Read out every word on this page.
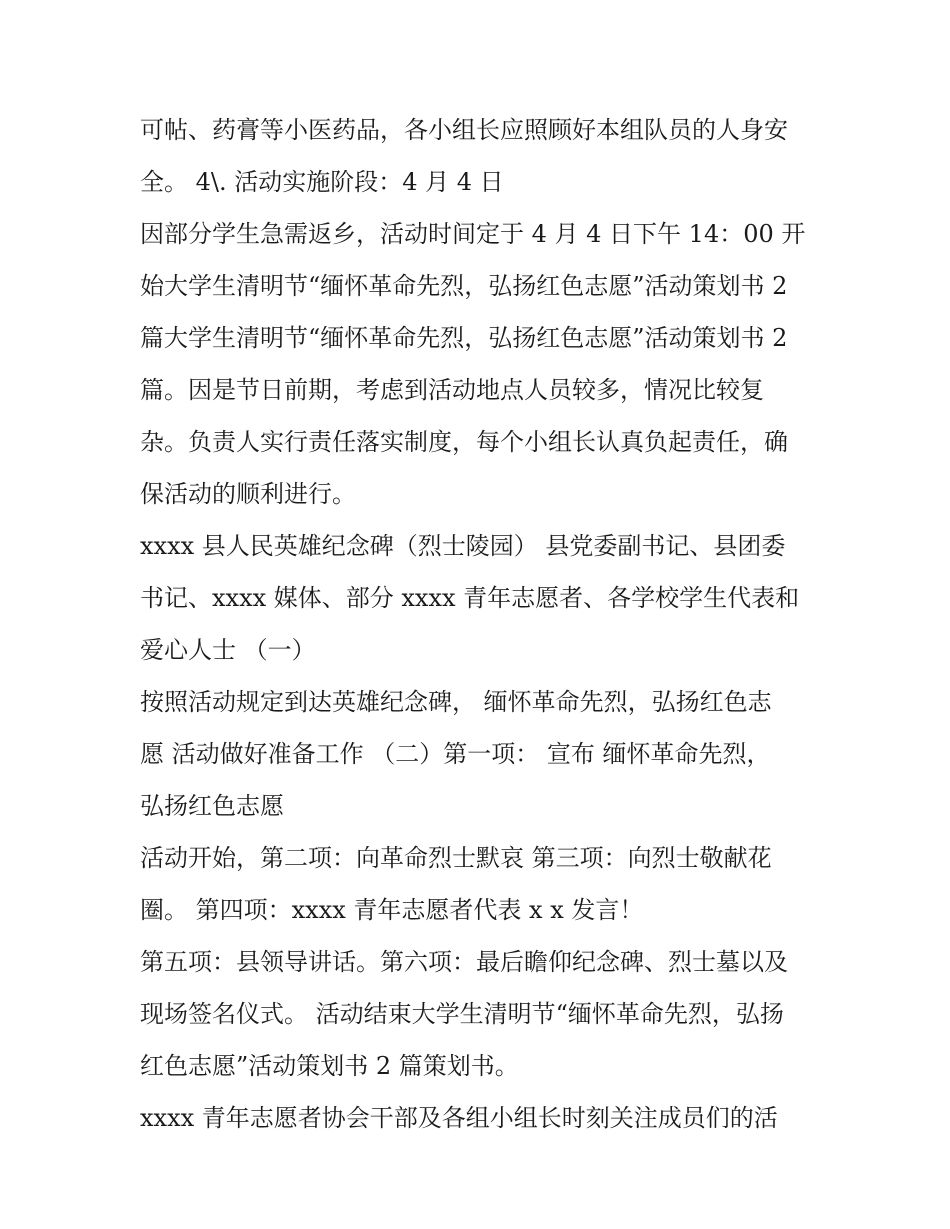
可帖、药膏等小医药品，各小组长应照顾好本组队员的人身安
全。 4\. 活动实施阶段：4 月 4 日
因部分学生急需返乡，活动时间定于 4 月 4 日下午 14：00 开
始大学生清明节“缅怀革命先烈，弘扬红色志愿”活动策划书 2
篇大学生清明节“缅怀革命先烈，弘扬红色志愿”活动策划书 2
篇。因是节日前期，考虑到活动地点人员较多，情况比较复
杂。负责人实行责任落实制度，每个小组长认真负起责任，确
保活动的顺利进行。
xxxx 县人民英雄纪念碑（烈士陵园） 县党委副书记、县团委
书记、xxxx 媒体、部分 xxxx 青年志愿者、各学校学生代表和
爱心人士 （一）
按照活动规定到达英雄纪念碑， 缅怀革命先烈，弘扬红色志
愿 活动做好准备工作 （二）第一项： 宣布 缅怀革命先烈，
弘扬红色志愿
活动开始，第二项：向革命烈士默哀 第三项：向烈士敬献花
圈。 第四项：xxxx 青年志愿者代表 x x 发言！
第五项：县领导讲话。第六项：最后瞻仰纪念碑、烈士墓以及
现场签名仪式。 活动结束大学生清明节“缅怀革命先烈，弘扬
红色志愿”活动策划书 2 篇策划书。
xxxx 青年志愿者协会干部及各组小组长时刻关注成员们的活
